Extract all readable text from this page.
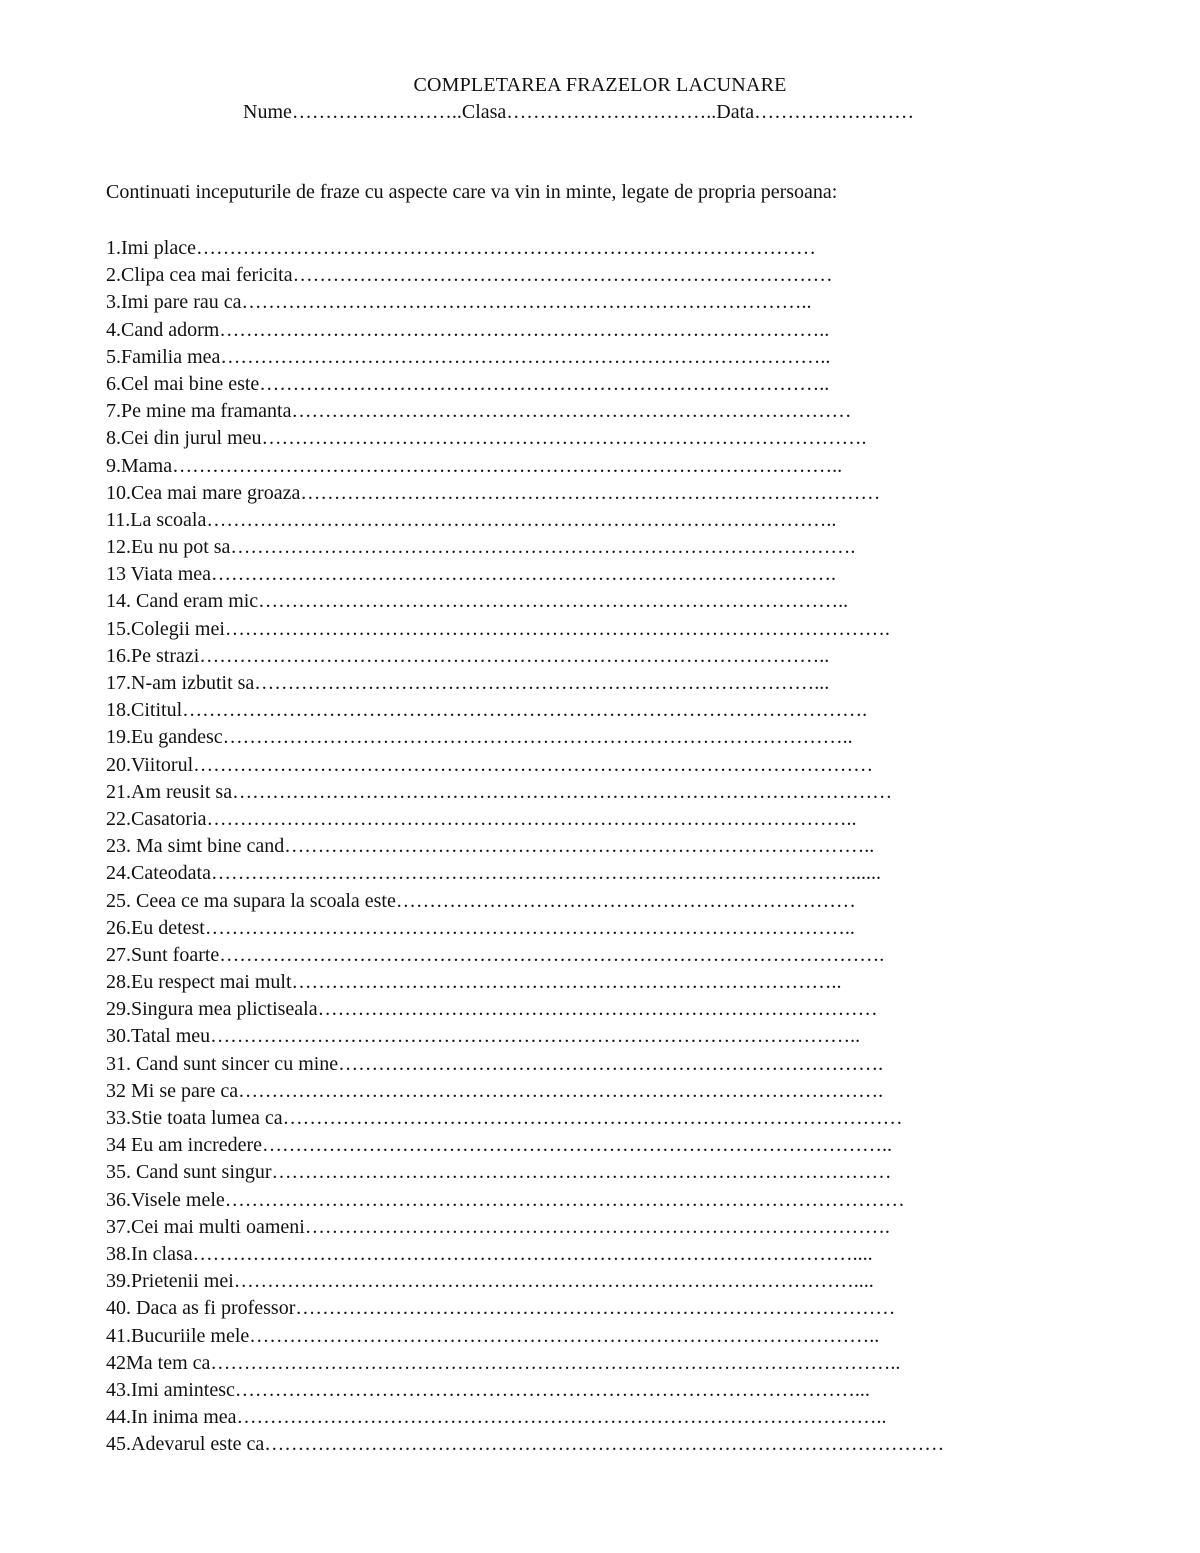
COMPLETAREA FRAZELOR LACUNARE
Nume……………………..Clasa…………………………..Data……………………
Continuati inceputurile de fraze cu aspecte care va vin in minte, legate de propria persoana:
1.Imi place…………………………………………………………………………………
2.Clipa cea mai fericita………………………………………………………………………
3.Imi pare rau ca…………………………………………………………………………..
4.Cand adorm………………………………………………………………………………..
5.Familia mea………………………………………………………………………………..
6.Cel mai bine este…………………………………………………………………………..
7.Pe mine ma framanta…………………………………………………………………………
8.Cei din jurul meu……………………………………………………………………………….
9.Mama………………………………………………………………………………………..
10.Cea mai mare groaza……………………………………………………………………………
11.La scoala…………………………………………………………………………………..
12.Eu nu pot sa………………………………………………………………………………….
13 Viata mea………………………………………………………………………………….
14. Cand eram mic……………………………………………………………………………..
15.Colegii mei……………………………………………………………………………………….
16.Pe strazi…………………………………………………………………………………..
17.N-am izbutit sa…………………………………………………………………………...
18.Cititul………………………………………………………………………………………….
19.Eu gandesc…………………………………………………………………………………..
20.Viitorul…………………………………………………………………………………………
21.Am reusit sa………………………………………………………………………………………
22.Casatoria……………………………………………………………………………………..
23. Ma simt bine cand……………………………………………………………………………..
24.Cateodata……………………………………………………………………………………......
25. Ceea ce ma supara la scoala este……………………………………………………………
26.Eu detest……………………………………………………………………………………..
27.Sunt foarte……………………………………………………………………………………….
28.Eu respect mai mult………………………………………………………………………..
29.Singura mea plictiseala…………………………………………………………………………
30.Tatal meu……………………………………………………………………………………..
31. Cand sunt sincer cu mine……………………………………………………………………….
32 Mi se pare ca…………………………………………………………………………………….
33.Stie toata lumea ca…………………………………………………………………………………
34 Eu am incredere…………………………………………………………………………………..
35. Cand sunt singur…………………………………………………………………………………
36.Visele mele…………………………………………………………………………………………
37.Cei mai multi oameni…………………………………………………………………………….
38.In clasa………………………………………………………………………………………....
39.Prietenii mei…………………………………………………………………………………....
40. Daca as fi professor………………………………………………………………………………
41.Bucuriile mele…………………………………………………………………………………..
42Ma tem ca…………………………………………………………………………………………..
43.Imi amintesc…………………………………………………………………………………...
44.In inima mea……………………………………………………………………………………..
45.Adevarul este ca…………………………………………………………………………………………
